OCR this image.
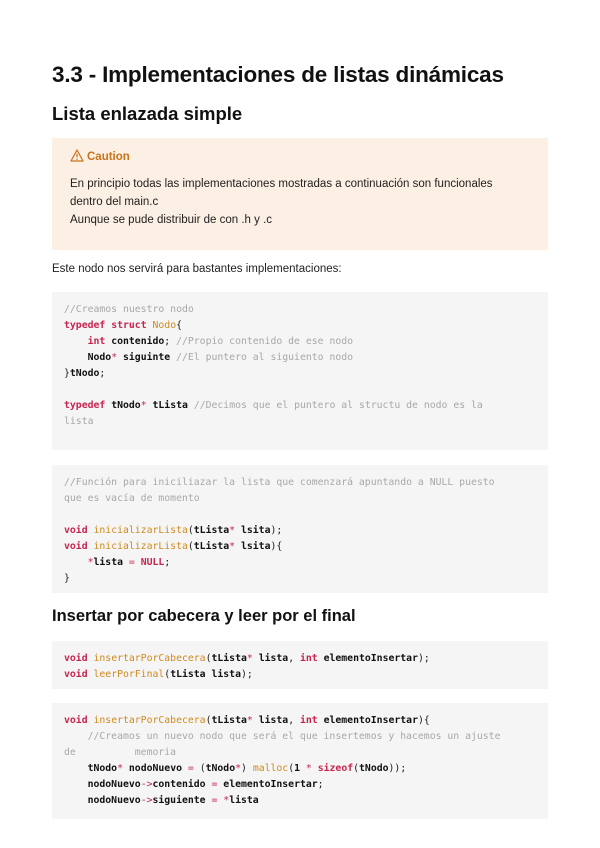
3.3 - Implementaciones de listas dinámicas
Lista enlazada simple
Caution
En principio todas las implementaciones mostradas a continuación son funcionales
dentro del main.c
Aunque se pude distribuir de con .h y .c

Este nodo nos servirá para bastantes implementaciones:

//Creamos nuestro nodo
typedef struct Nodo{
int contenido; //Propio contenido de ese nodo
Nodo* siguinte //El puntero al siguiento nodo
}tNodo;
typedef tNodo* tLista //Decimos que el puntero al structu de nodo es la
lista
//Función para iniciliazar la lista que comenzará apuntando a NULL puesto
que es vacía de momento
void inicializarLista(tLista* lsita);
void inicializarLista(tLista* lsita){
*lista = NULL;
}
Insertar por cabecera y leer por el final
void insertarPorCabecera(tLista* lista, int elementoInsertar);
void leerPorFinal(tLista lista);
void insertarPorCabecera(tLista* lista, int elementoInsertar){
//Creamos un nuevo nodo que será el que insertemos y hacemos un ajuste
de          memoria
tNodo* nodoNuevo = (tNodo*) malloc(1 * sizeof(tNodo));
nodoNuevo->contenido = elementoInsertar;
nodoNuevo->siguiente = *lista
